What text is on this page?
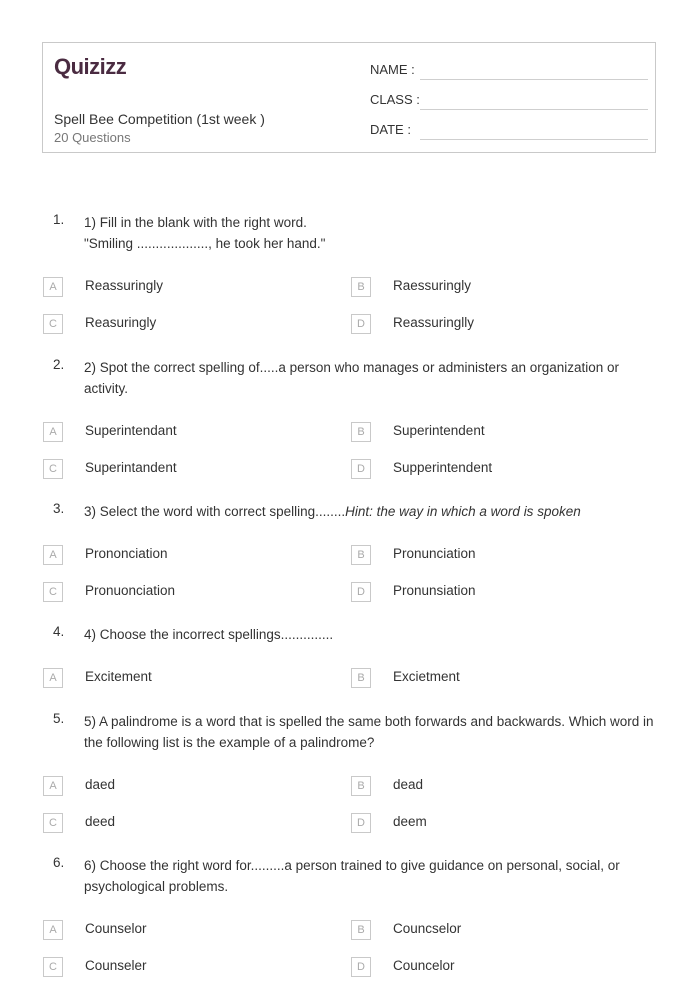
Quizizz
Spell Bee Competition (1st week )
20 Questions
NAME :
CLASS :
DATE :
1. 1) Fill in the blank with the right word.
"Smiling ..................., he took her hand."
A	Reassuringly	B	Raessuringly
C	Reasuringly	D	Reassuringlly
2. 2) Spot the correct spelling of.....a person who manages or administers an organization or activity.
A	Superintendant	B	Superintendent
C	Superintandent	D	Supperintendent
3. 3) Select the word with correct spelling........Hint: the way in which a word is spoken
A	Prononciation	B	Pronunciation
C	Pronuonciation	D	Pronunsiation
4. 4) Choose the incorrect spellings..............
A	Excitement	B	Excietment
5. 5) A palindrome is a word that is spelled the same both forwards and backwards. Which word in the following list is the example of a palindrome?
A	daed	B	dead
C	deed	D	deem
6. 6) Choose the right word for.........a person trained to give guidance on personal, social, or psychological problems.
A	Counselor	B	Councselor
C	Counseler	D	Councelor
